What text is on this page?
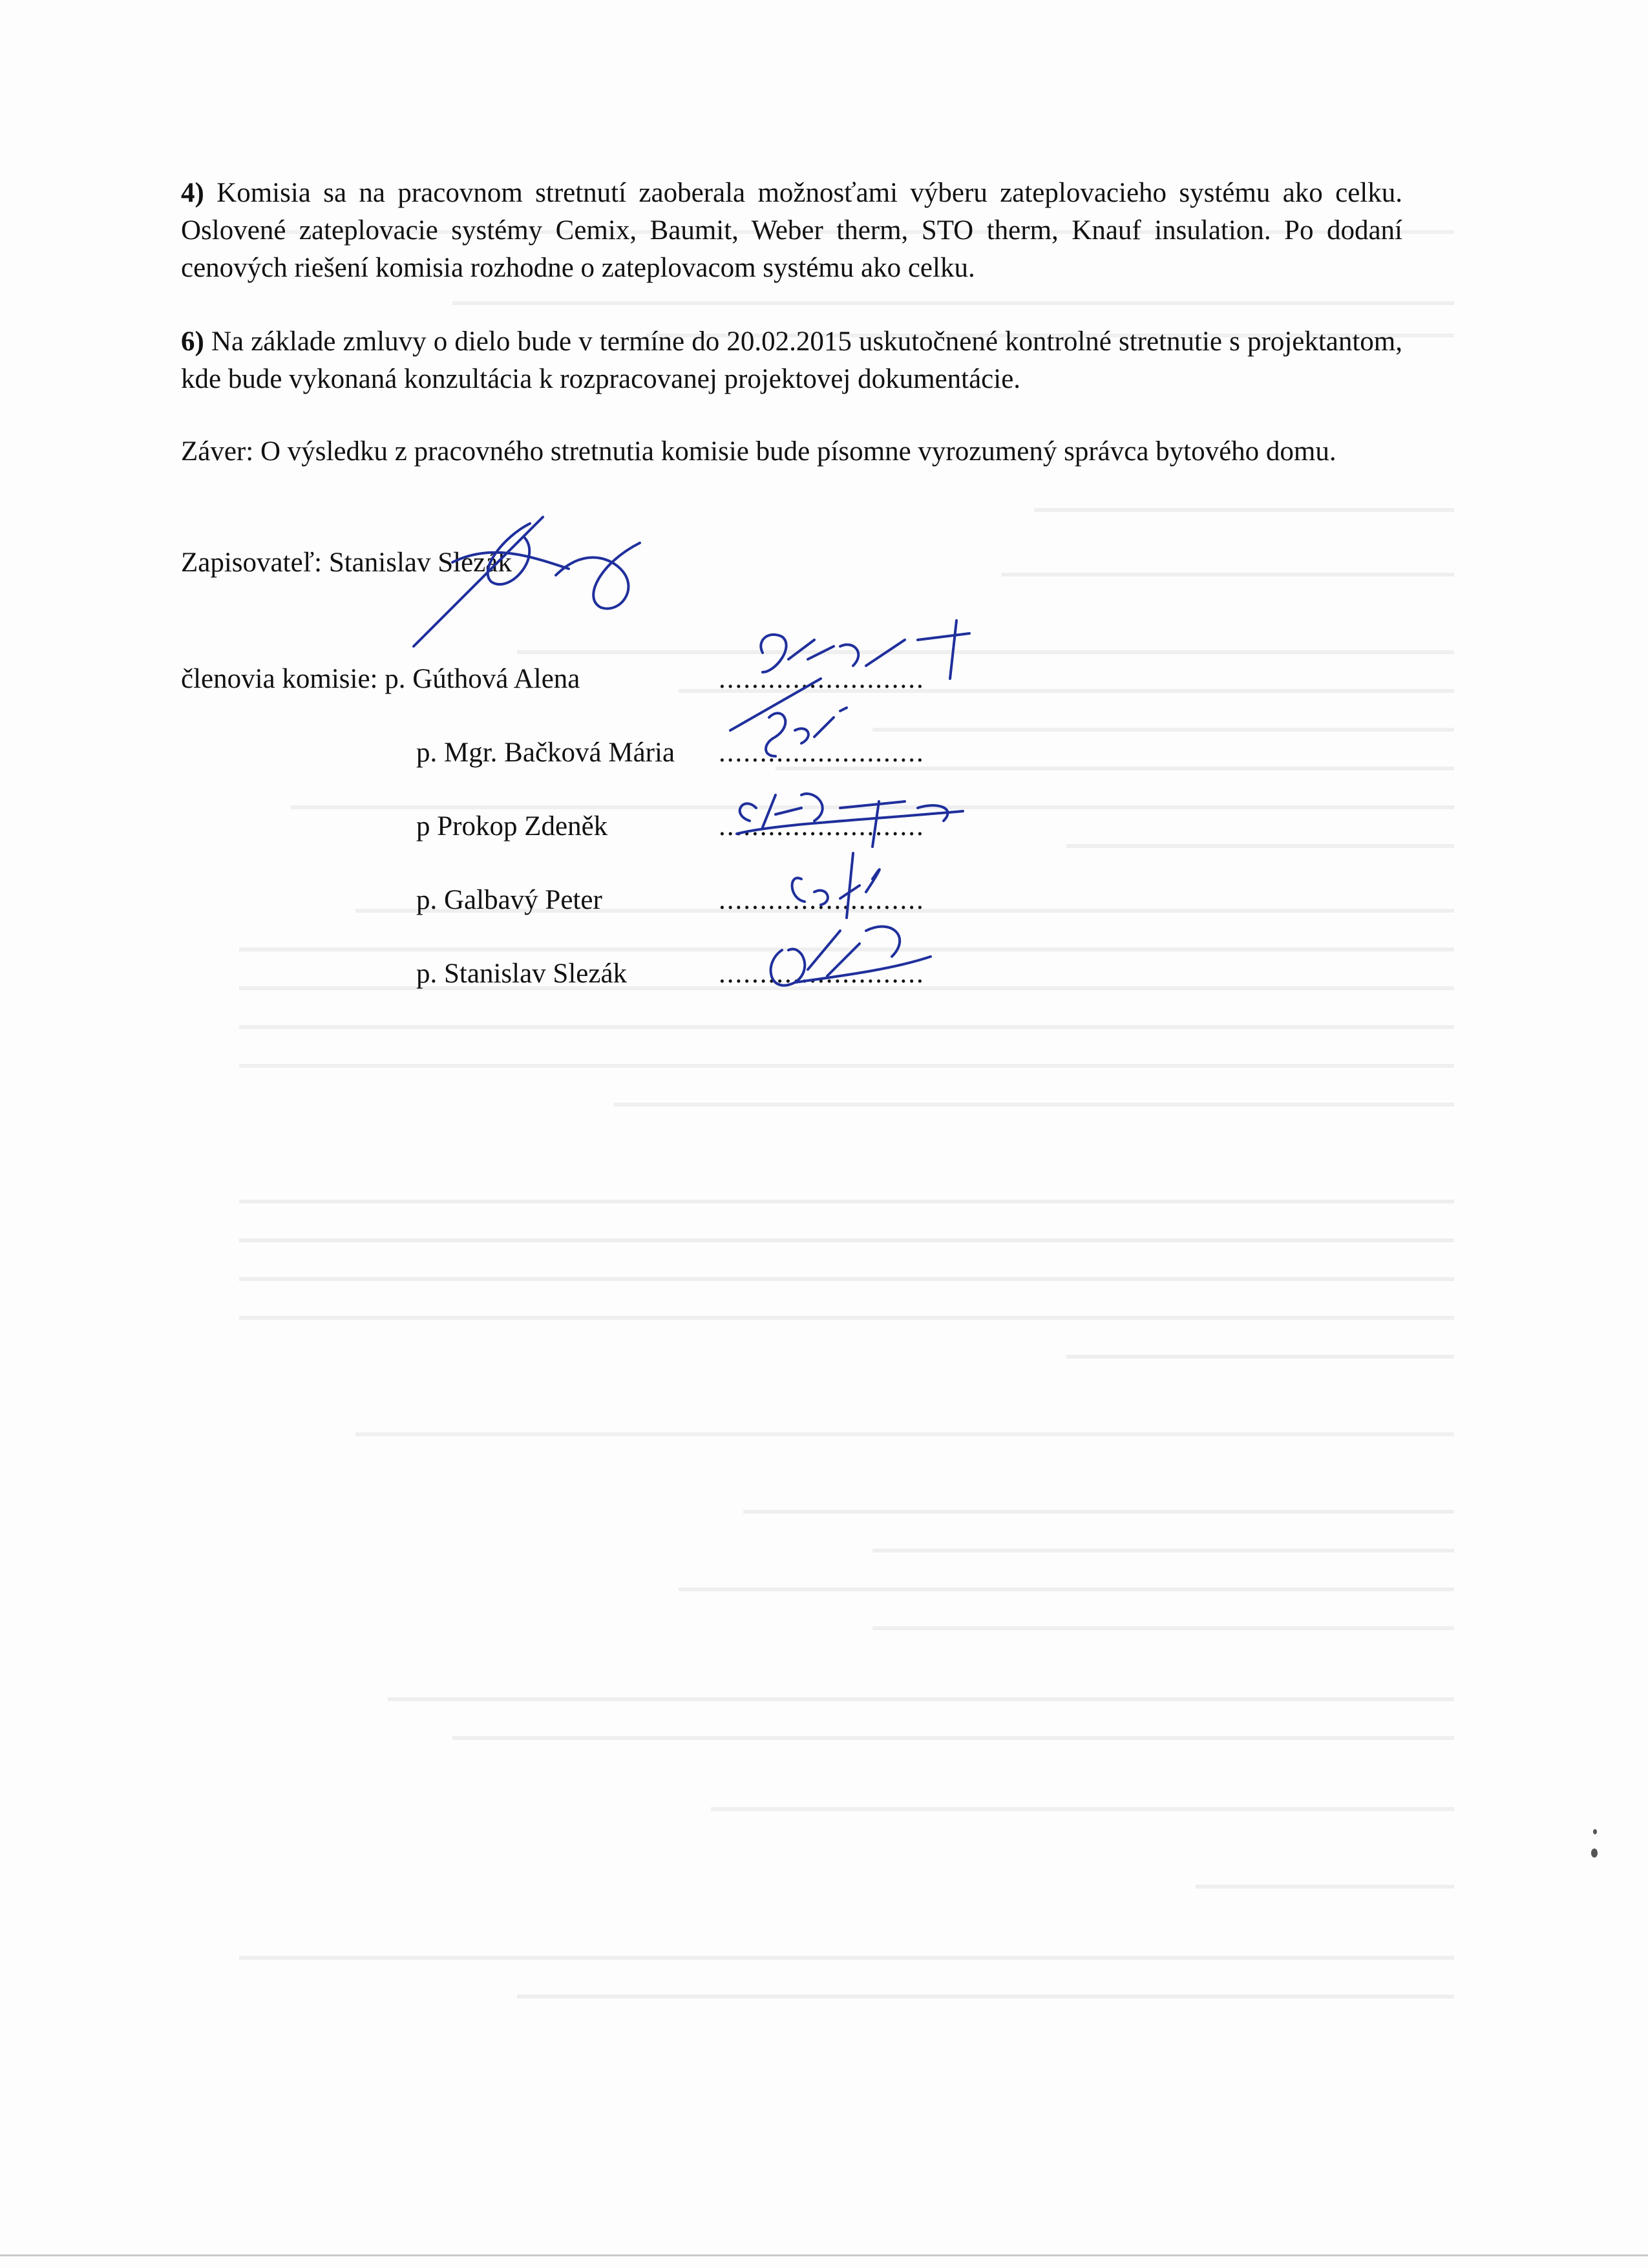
4) Komisia sa na pracovnom stretnutí zaoberala možnosťami výberu zateplovacieho systému ako celku. Oslovené zateplovacie systémy Cemix, Baumit, Weber therm, STO therm, Knauf insulation. Po dodaní cenových riešení komisia rozhodne o zateplovacom systému ako celku.
6) Na základe zmluvy o dielo bude v termíne do 20.02.2015 uskutočnené kontrolné stretnutie s projektantom, kde bude vykonaná konzultácia k rozpracovanej projektovej dokumentácie.
Záver: O výsledku z pracovného stretnutia komisie bude písomne vyrozumený správca bytového domu.
Zapisovateľ: Stanislav Slezák
členovia komisie: p. Gúthová Alena	.........................
p. Mgr. Bačková Mária .........................
p Prokop Zdeněk	.........................
p. Galbavý Peter	.........................
p. Stanislav Slezák	.........................
